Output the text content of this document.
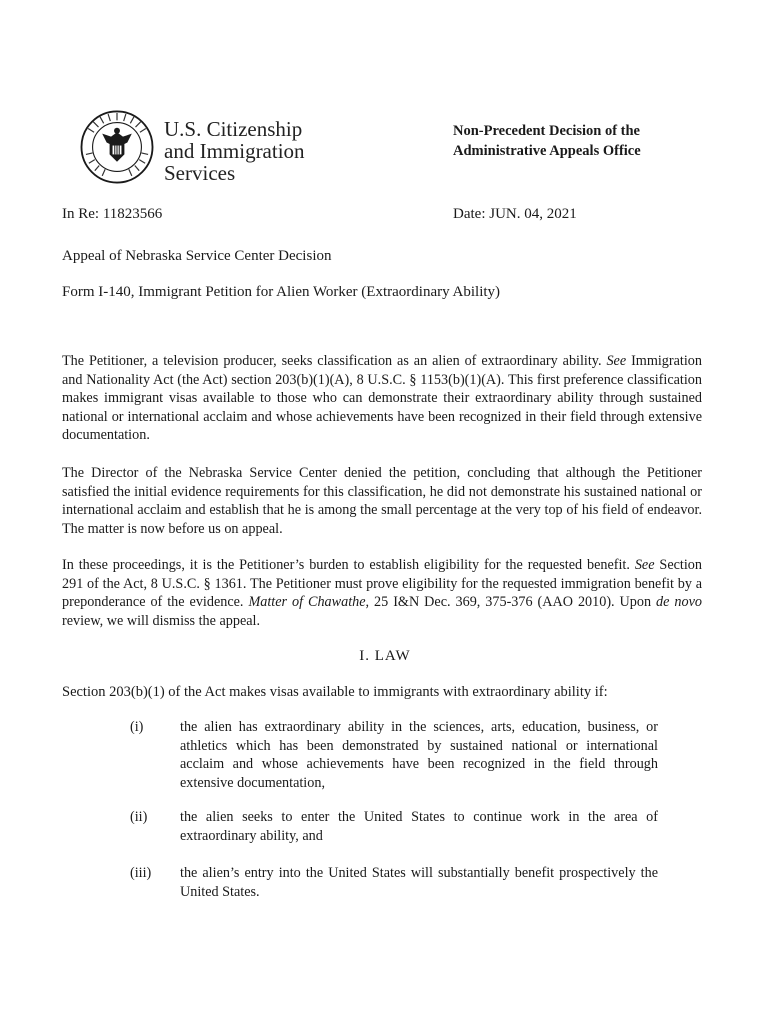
U.S. Citizenship
and Immigration
Services
Non-Precedent Decision of the
Administrative Appeals Office
In Re: 11823566	Date: JUN. 04, 2021
Appeal of Nebraska Service Center Decision
Form I-140, Immigrant Petition for Alien Worker (Extraordinary Ability)

The Petitioner, a television producer, seeks classification as an alien of extraordinary ability. See Immigration and Nationality Act (the Act) section 203(b)(1)(A), 8 U.S.C. § 1153(b)(1)(A). This first preference classification makes immigrant visas available to those who can demonstrate their extraordinary ability through sustained national or international acclaim and whose achievements have been recognized in their field through extensive documentation.

The Director of the Nebraska Service Center denied the petition, concluding that although the Petitioner satisfied the initial evidence requirements for this classification, he did not demonstrate his sustained national or international acclaim and establish that he is among the small percentage at the very top of his field of endeavor. The matter is now before us on appeal.

In these proceedings, it is the Petitioner’s burden to establish eligibility for the requested benefit. See Section 291 of the Act, 8 U.S.C. § 1361. The Petitioner must prove eligibility for the requested immigration benefit by a preponderance of the evidence. Matter of Chawathe, 25 I&N Dec. 369, 375-376 (AAO 2010). Upon de novo review, we will dismiss the appeal.

I. LAW
Section 203(b)(1) of the Act makes visas available to immigrants with extraordinary ability if:
(i)	the alien has extraordinary ability in the sciences, arts, education, business, or athletics which has been demonstrated by sustained national or international acclaim and whose achievements have been recognized in the field through extensive documentation,
(ii) the alien seeks to enter the United States to continue work in the area of extraordinary ability, and
(iii) the alien’s entry into the United States will substantially benefit prospectively the United States.
